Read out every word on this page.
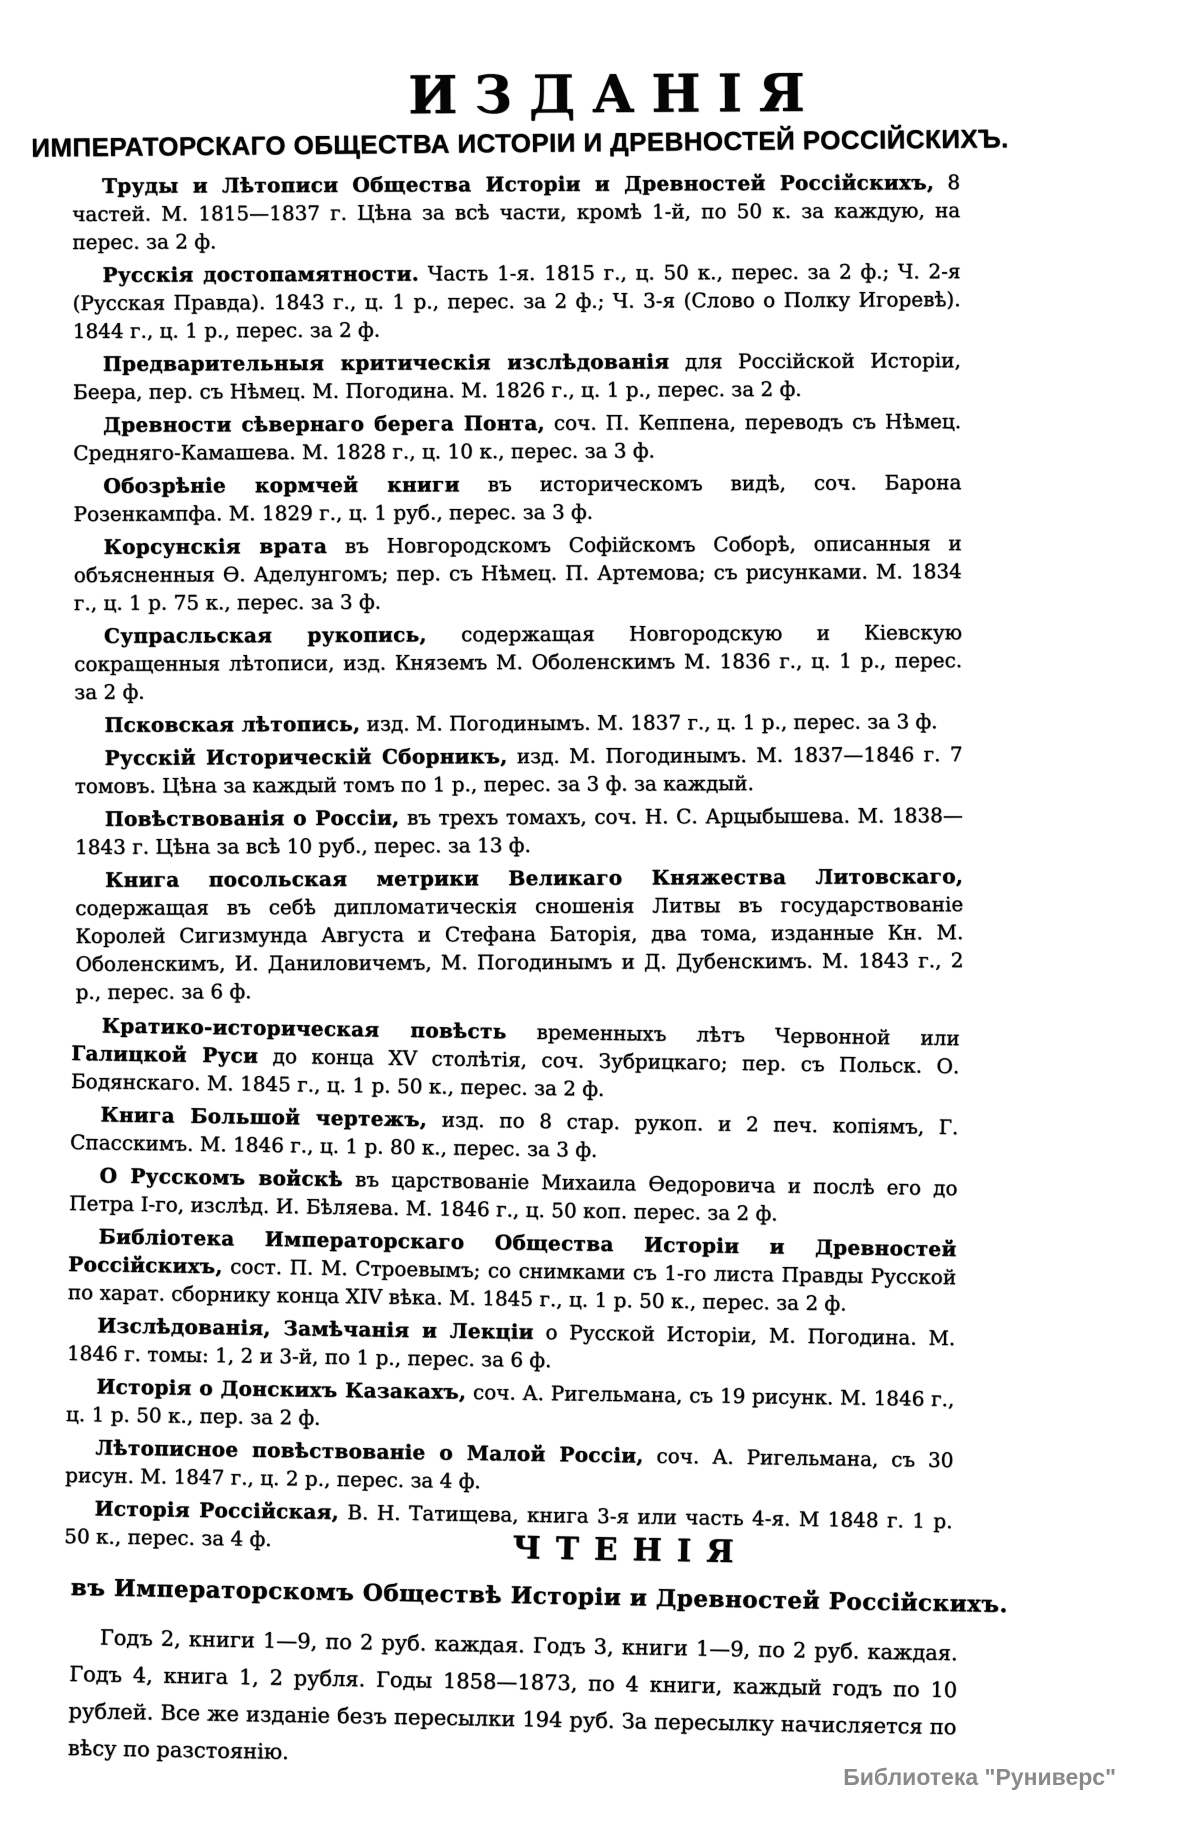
ИЗДАНІЯ
ИМПЕРАТОРСКАГО ОБЩЕСТВА ИСТОРІИ И ДРЕВНОСТЕЙ РОССІЙСКИХЪ.

Труды и Лѣтописи Общества Исторіи и Древностей Россійскихъ, 8 частей. М. 1815—1837 г. Цѣна за всѣ части, кромѣ 1-й, по 50 к. за каждую, на перес. за 2 ф.

Русскія достопамятности. Часть 1-я. 1815 г., ц. 50 к., перес. за 2 ф.; Ч. 2-я (Русская Правда). 1843 г., ц. 1 р., перес. за 2 ф.; Ч. 3-я (Слово о Полку Игоревѣ). 1844 г., ц. 1 р., перес. за 2 ф.

Предварительныя критическія изслѣдованія для Россійской Исторіи, Беера, пер. съ Нѣмец. М. Погодина. М. 1826 г., ц. 1 р., перес. за 2 ф.

Древности сѣвернаго берега Понта, соч. П. Кеппена, переводъ съ Нѣмец. Средняго-Камашева. М. 1828 г., ц. 10 к., перес. за 3 ф.

Обозрѣніе кормчей книги въ историческомъ видѣ, соч. Барона Розенкампфа. М. 1829 г., ц. 1 руб., перес. за 3 ф.

Корсунскія врата въ Новгородскомъ Софійскомъ Соборѣ, описанныя и объясненныя Ѳ. Аделунгомъ; пер. съ Нѣмец. П. Артемова; съ рисунками. М. 1834 г., ц. 1 р. 75 к., перес. за 3 ф.

Супрасльская рукопись, содержащая Новгородскую и Кіевскую сокращенныя лѣтописи, изд. Княземъ М. Оболенскимъ М. 1836 г., ц. 1 р., перес. за 2 ф.

Псковская лѣтопись, изд. М. Погодинымъ. М. 1837 г., ц. 1 р., перес. за 3 ф.

Русскій Историческій Сборникъ, изд. М. Погодинымъ. М. 1837—1846 г. 7 томовъ. Цѣна за каждый томъ по 1 р., перес. за 3 ф. за каждый.

Повѣствованія о Россіи, въ трехъ томахъ, соч. Н. С. Арцыбышева. М. 1838—1843 г. Цѣна за всѣ 10 руб., перес. за 13 ф.

Книга посольская метрики Великаго Княжества Литовскаго, содержащая въ себѣ дипломатическія сношенія Литвы въ государствованіе Королей Сигизмунда Августа и Стефана Баторія, два тома, изданные Кн. М. Оболенскимъ, И. Даниловичемъ, М. Погодинымъ и Д. Дубенскимъ. М. 1843 г., 2 р., перес. за 6 ф.

Кратико-историческая повѣсть временныхъ лѣтъ Червонной или Галицкой Руси до конца XV столѣтія, соч. Зубрицкаго; пер. съ Польск. О. Бодянскаго. М. 1845 г., ц. 1 р. 50 к., перес. за 2 ф.

Книга Большой чертежъ, изд. по 8 стар. рукоп. и 2 печ. копіямъ, Г. Спасскимъ. М. 1846 г., ц. 1 р. 80 к., перес. за 3 ф.

О Русскомъ войскѣ въ царствованіе Михаила Ѳедоровича и послѣ его до Петра I-го, изслѣд. И. Бѣляева. М. 1846 г., ц. 50 коп. перес. за 2 ф.

Библіотека Императорскаго Общества Исторіи и Древностей Россійскихъ, сост. П. М. Строевымъ; со снимками съ 1-го листа Правды Русской по харат. сборнику конца XIV вѣка. М. 1845 г., ц. 1 р. 50 к., перес. за 2 ф.

Изслѣдованія, Замѣчанія и Лекціи о Русской Исторіи, М. Погодина. М. 1846 г. томы: 1, 2 и 3-й, по 1 р., перес. за 6 ф.

Исторія о Донскихъ Казакахъ, соч. А. Ригельмана, съ 19 рисунк. М. 1846 г., ц. 1 р. 50 к., пер. за 2 ф.

Лѣтописное повѣствованіе о Малой Россіи, соч. А. Ригельмана, съ 30 рисун. М. 1847 г., ц. 2 р., перес. за 4 ф.

Исторія Россійская, В. Н. Татищева, книга 3-я или часть 4-я. М 1848 г. 1 р. 50 к., перес. за 4 ф.	ЧТЕНІЯ
въ Императорскомъ Обществѣ Исторіи и Древностей Россійскихъ.

Годъ 2, книги 1—9, по 2 руб. каждая. Годъ 3, книги 1—9, по 2 руб. каждая. Годъ 4, книга 1, 2 рубля. Годы 1858—1873, по 4 книги, каждый годъ по 10 рублей. Все же изданіе безъ пересылки 194 руб. За пересылку начисляется по вѣсу по разстоянію.

Библиотека "Руниверс"
